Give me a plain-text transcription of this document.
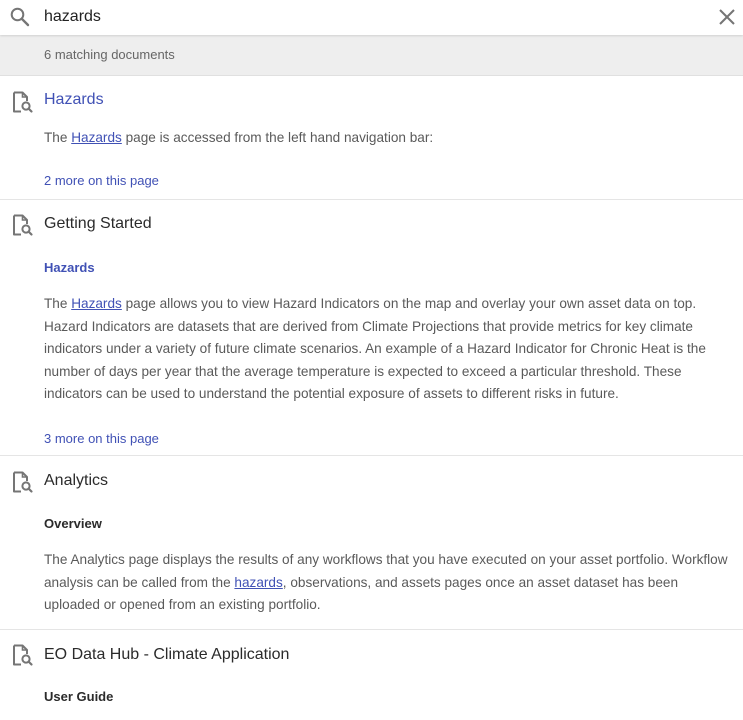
hazards
6 matching documents
Hazards

The Hazards page is accessed from the left hand navigation bar:

2 more on this page
Getting Started
Hazards

The Hazards page allows you to view Hazard Indicators on the map and overlay your own asset data on top. Hazard Indicators are datasets that are derived from Climate Projections that provide metrics for key climate indicators under a variety of future climate scenarios. An example of a Hazard Indicator for Chronic Heat is the number of days per year that the average temperature is expected to exceed a particular threshold. These indicators can be used to understand the potential exposure of assets to different risks in future.

3 more on this page
Analytics
Overview

The Analytics page displays the results of any workflows that you have executed on your asset portfolio. Workflow analysis can be called from the hazards, observations, and assets pages once an asset dataset has been uploaded or opened from an existing portfolio.

EO Data Hub - Climate Application
User Guide
